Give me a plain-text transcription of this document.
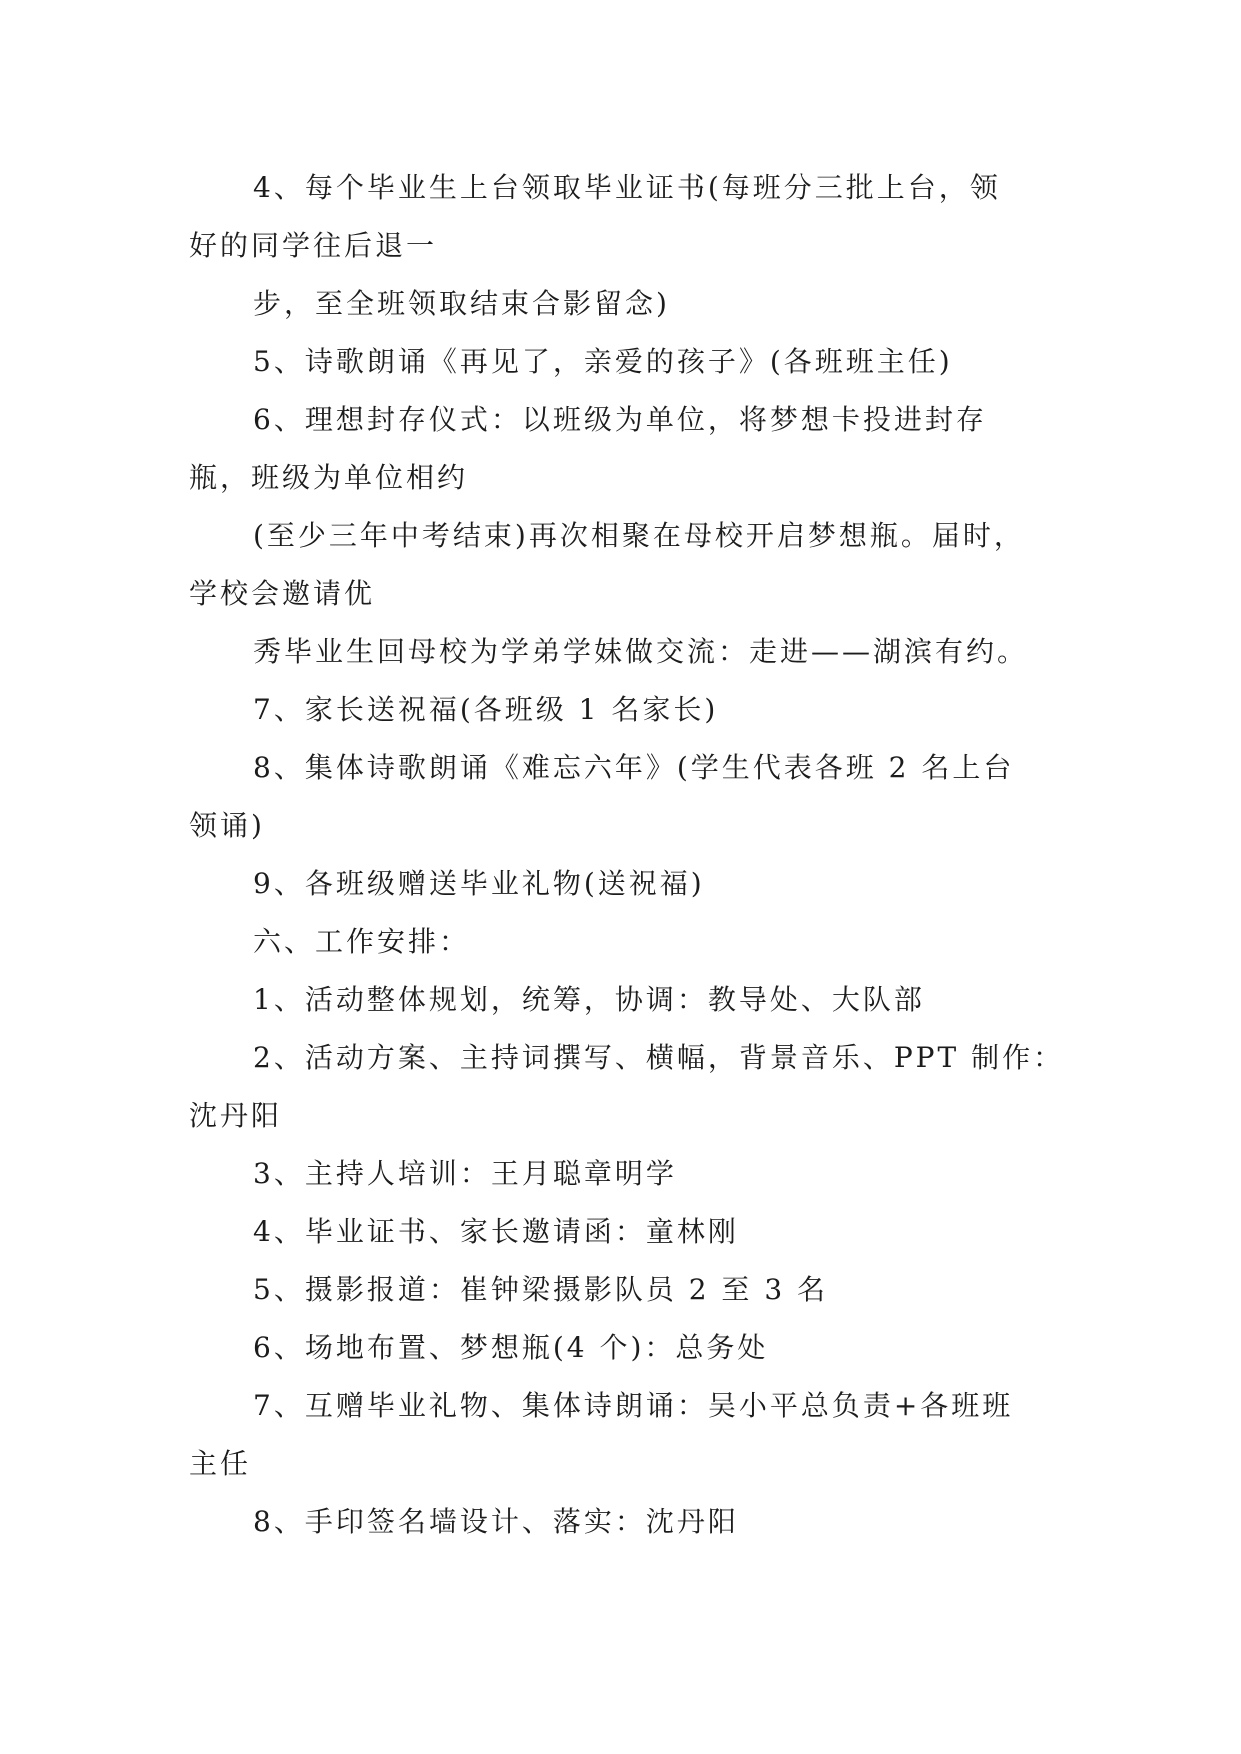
4、每个毕业生上台领取毕业证书(每班分三批上台，领
好的同学往后退一

步，至全班领取结束合影留念)

5、诗歌朗诵《再见了，亲爱的孩子》(各班班主任)

6、理想封存仪式：以班级为单位，将梦想卡投进封存
瓶，班级为单位相约

(至少三年中考结束)再次相聚在母校开启梦想瓶。届时，
学校会邀请优

秀毕业生回母校为学弟学妹做交流：走进——湖滨有约。

7、家长送祝福(各班级 1 名家长)

8、集体诗歌朗诵《难忘六年》(学生代表各班 2 名上台
领诵)

9、各班级赠送毕业礼物(送祝福)

六、工作安排：

1、活动整体规划，统筹，协调：教导处、大队部

2、活动方案、主持词撰写、横幅，背景音乐、PPT 制作：
沈丹阳

3、主持人培训：王月聪章明学

4、毕业证书、家长邀请函：童林刚

5、摄影报道：崔钟梁摄影队员 2 至 3 名

6、场地布置、梦想瓶(4 个)：总务处

7、互赠毕业礼物、集体诗朗诵：吴小平总负责+各班班
主任

8、手印签名墙设计、落实：沈丹阳
